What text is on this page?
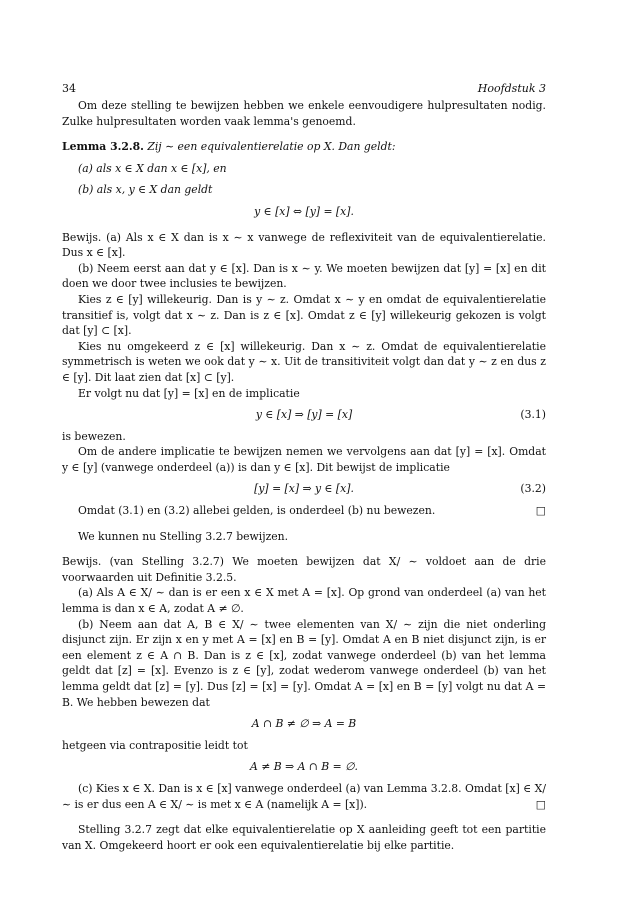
34	Hoofdstuk 3

Om deze stelling te bewijzen hebben we enkele eenvoudigere hulpresultaten nodig. Zulke hulpresultaten worden vaak lemma's genoemd.

Lemma 3.2.8. Zij ∼ een equivalentierelatie op X. Dan geldt:

(a) als x ∈ X dan x ∈ [x], en

(b) als x, y ∈ X dan geldt

y ∈ [x] ⇔ [y] = [x].

Bewijs. (a) Als x ∈ X dan is x ∼ x vanwege de reflexiviteit van de equivalentierelatie. Dus x ∈ [x].

(b) Neem eerst aan dat y ∈ [x]. Dan is x ∼ y. We moeten bewijzen dat [y] = [x] en dit doen we door twee inclusies te bewijzen.

Kies z ∈ [y] willekeurig. Dan is y ∼ z. Omdat x ∼ y en omdat de equivalentierelatie transitief is, volgt dat x ∼ z. Dan is z ∈ [x]. Omdat z ∈ [y] willekeurig gekozen is volgt dat [y] ⊂ [x].

Kies nu omgekeerd z ∈ [x] willekeurig. Dan x ∼ z. Omdat de equivalentierelatie symmetrisch is weten we ook dat y ∼ x. Uit de transitiviteit volgt dan dat y ∼ z en dus z ∈ [y]. Dit laat zien dat [x] ⊂ [y].

Er volgt nu dat [y] = [x] en de implicatie

y ∈ [x] ⇒ [y] = [x]	(3.1)

is bewezen.

Om de andere implicatie te bewijzen nemen we vervolgens aan dat [y] = [x]. Omdat y ∈ [y] (vanwege onderdeel (a)) is dan y ∈ [x]. Dit bewijst de implicatie

[y] = [x] ⇒ y ∈ [x].	(3.2)

Omdat (3.1) en (3.2) allebei gelden, is onderdeel (b) nu bewezen.	□

We kunnen nu Stelling 3.2.7 bewijzen.

Bewijs. (van Stelling 3.2.7) We moeten bewijzen dat X/ ∼ voldoet aan de drie voorwaarden uit Definitie 3.2.5.

(a) Als A ∈ X/ ∼ dan is er een x ∈ X met A = [x]. Op grond van onderdeel (a) van het lemma is dan x ∈ A, zodat A ≠ ∅.

(b) Neem aan dat A, B ∈ X/ ∼ twee elementen van X/ ∼ zijn die niet onderling disjunct zijn. Er zijn x en y met A = [x] en B = [y]. Omdat A en B niet disjunct zijn, is er een element z ∈ A ∩ B. Dan is z ∈ [x], zodat vanwege onderdeel (b) van het lemma geldt dat [z] = [x]. Evenzo is z ∈ [y], zodat wederom vanwege onderdeel (b) van het lemma geldt dat [z] = [y]. Dus [z] = [x] = [y]. Omdat A = [x] en B = [y] volgt nu dat A = B. We hebben bewezen dat

A ∩ B ≠ ∅ ⇒ A = B

hetgeen via contrapositie leidt tot

A ≠ B ⇒ A ∩ B = ∅.

(c) Kies x ∈ X. Dan is x ∈ [x] vanwege onderdeel (a) van Lemma 3.2.8. Omdat [x] ∈ X/ ∼ is er dus een A ∈ X/ ∼ is met x ∈ A (namelijk A = [x]).	□

Stelling 3.2.7 zegt dat elke equivalentierelatie op X aanleiding geeft tot een partitie van X. Omgekeerd hoort er ook een equivalentierelatie bij elke partitie.
